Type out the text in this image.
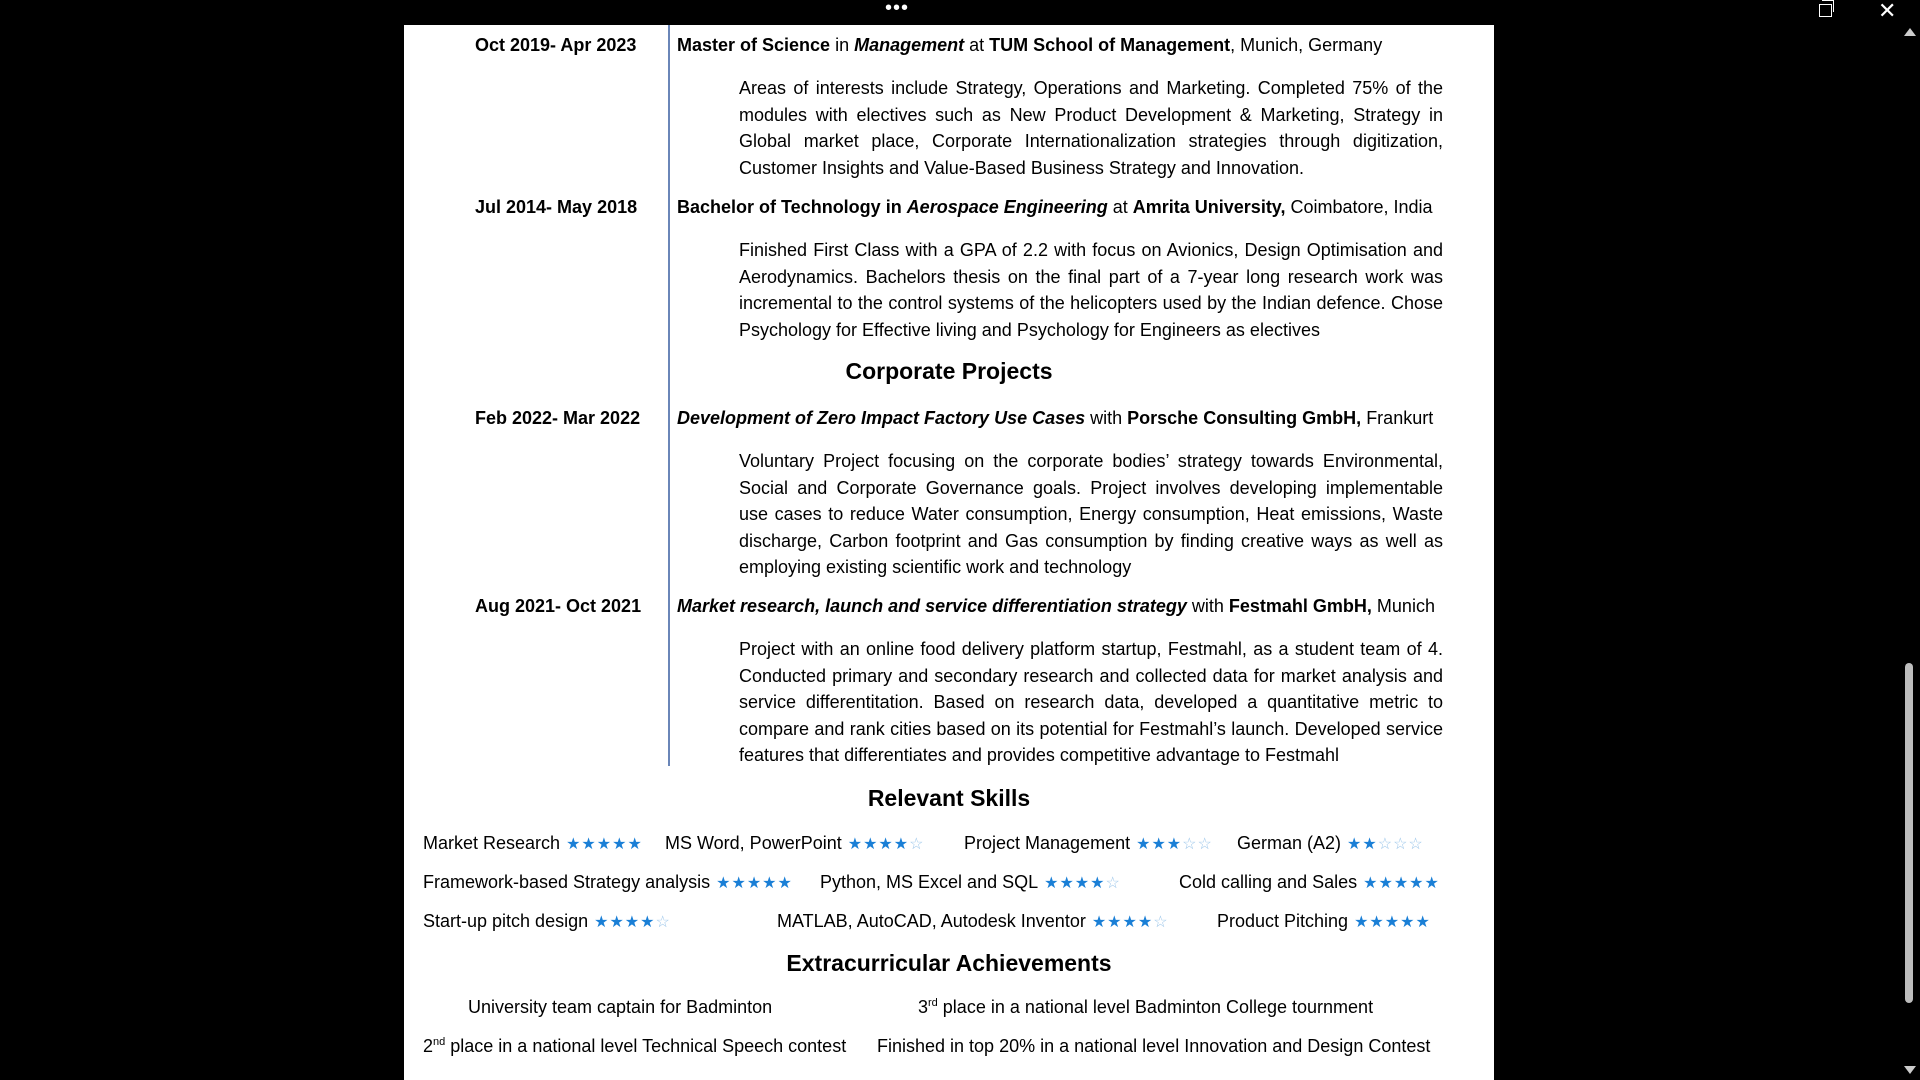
•••	✕
Oct 2019- Apr 2023 Master of Science in Management at TUM School of Management, Munich, Germany

Areas of interests include Strategy, Operations and Marketing. Completed 75% of the modules with electives such as New Product Development & Marketing, Strategy in Global market place, Corporate Internationalization strategies through digitization, Customer Insights and Value-Based Business Strategy and Innovation.

Jul 2014- May 2018 Bachelor of Technology in Aerospace Engineering at Amrita University, Coimbatore, India

Finished First Class with a GPA of 2.2 with focus on Avionics, Design Optimisation and Aerodynamics. Bachelors thesis on the final part of a 7-year long research work was incremental to the control systems of the helicopters used by the Indian defence. Chose Psychology for Effective living and Psychology for Engineers as electives

Corporate Projects
Feb 2022- Mar 2022 Development of Zero Impact Factory Use Cases with Porsche Consulting GmbH, Frankurt

Voluntary Project focusing on the corporate bodies’ strategy towards Environmental, Social and Corporate Governance goals. Project involves developing implementable use cases to reduce Water consumption, Energy consumption, Heat emissions, Waste discharge, Carbon footprint and Gas consumption by finding creative ways as well as employing existing scientific work and technology

Aug 2021- Oct 2021 Market research, launch and service differentiation strategy with Festmahl GmbH, Munich

Project with an online food delivery platform startup, Festmahl, as a student team of 4. Conducted primary and secondary research and collected data for market analysis and service differentitation. Based on research data, developed a quantitative metric to compare and rank cities based on its potential for Festmahl’s launch. Developed service features that differentiates and provides competitive advantage to Festmahl

Relevant Skills
Market Research ★★★★★ MS Word, PowerPoint ★★★★☆ Project Management ★★★☆☆ German (A2) ★★☆☆☆
Framework-based Strategy analysis ★★★★★ Python, MS Excel and SQL ★★★★☆	Cold calling and Sales ★★★★★
Start-up pitch design ★★★★☆	MATLAB, AutoCAD, Autodesk Inventor ★★★★☆	Product Pitching ★★★★★
Extracurricular Achievements
University team captain for Badminton	3rd place in a national level Badminton College tournment
2nd place in a national level Technical Speech contest Finished in top 20% in a national level Innovation and Design Contest
